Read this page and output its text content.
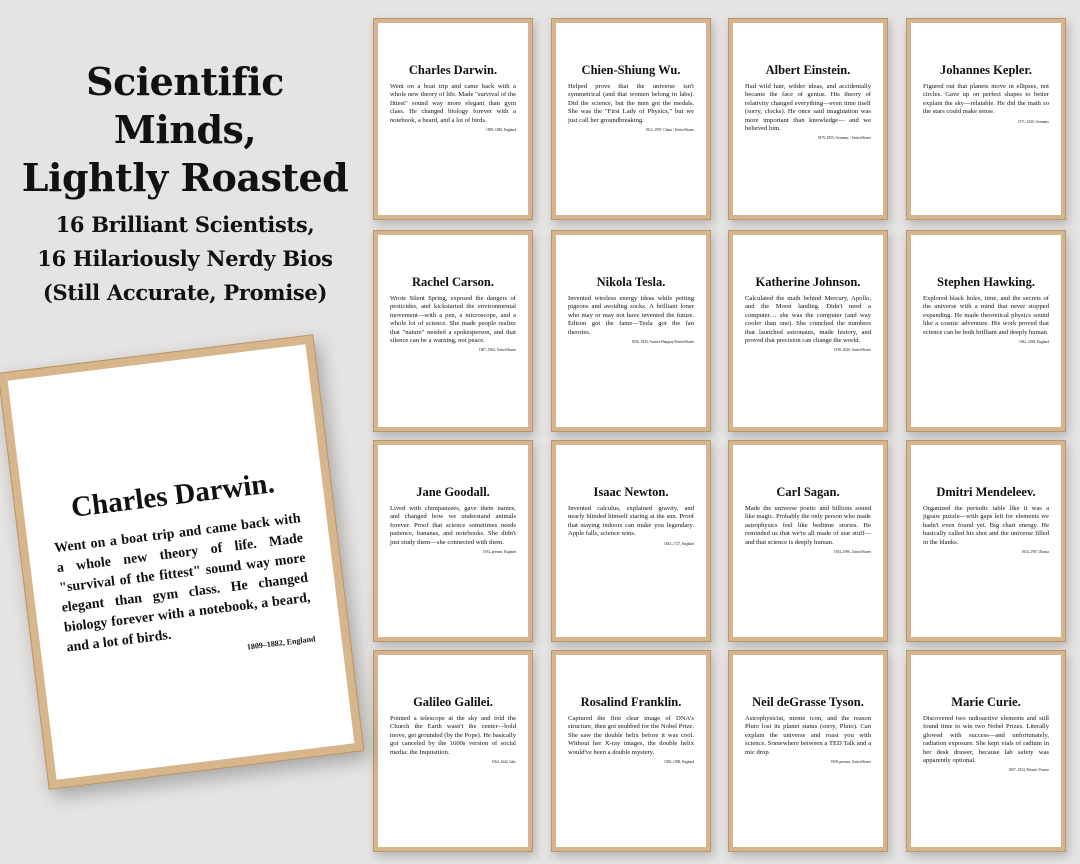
Scientific Minds,
Lightly Roasted
16 Brilliant Scientists,
16 Hilariously Nerdy Bios
(Still Accurate, Promise)
Charles Darwin.
Went on a boat trip and came back with a whole new theory of life. Made "survival of the fittest" sound way more elegant than gym class. He changed biology forever with a notebook, a beard, and a lot of birds.
1809–1882, England
Chien-Shiung Wu.
Helped prove that the universe isn't symmetrical (and that women belong in labs). Did the science, but the men got the medals. She was the "First Lady of Physics," but we just call her groundbreaking.
1912–1997, China / United States
Albert Einstein.
Had wild hair, wilder ideas, and accidentally became the face of genius. His theory of relativity changed everything—even time itself (sorry, clocks). He once said imagination was more important than knowledge— and we believed him.
1879–1955, Germany / United States
Johannes Kepler.
Figured out that planets move in ellipses, not circles. Gave up on perfect shapes to better explain the sky—relatable. He did the math so the stars could make sense.
1571–1630, Germany
Rachel Carson.
Wrote Silent Spring, exposed the dangers of pesticides, and kickstarted the environmental movement—with a pen, a microscope, and a whole lot of science. She made people realize that "nature" needed a spokesperson, and that silence can be a warning, not peace.
1907–1964, United States
Nikola Tesla.
Invented wireless energy ideas while petting pigeons and avoiding socks. A brilliant loner who may or may not have invented the future. Edison got the fame—Tesla got the fan theories.
1856–1943, Austria-Hungary/United States
Katherine Johnson.
Calculated the math behind Mercury, Apollo, and the Moon landing. Didn't need a computer… she was the computer (and way cooler than one). She crunched the numbers that launched astronauts, made history, and proved that precision can change the world.
1918–2020, United States
Stephen Hawking.
Explored black holes, time, and the secrets of the universe with a mind that never stopped expanding. He made theoretical physics sound like a cosmic adventure. His work proved that science can be both brilliant and deeply human.
1942–2018, England
Jane Goodall.
Lived with chimpanzees, gave them names, and changed how we understand animals forever. Proof that science sometimes needs patience, bananas, and notebooks. She didn't just study them—she connected with them.
1934–present, England
Isaac Newton.
Invented calculus, explained gravity, and nearly blinded himself staring at the sun. Proof that staying indoors can make you legendary. Apple falls, science wins.
1643–1727, England
Carl Sagan.
Made the universe poetic and billions sound like magic. Probably the only person who made astrophysics feel like bedtime stories. He reminded us that we're all made of star stuff—and that science is deeply human.
1934–1996, United States
Dmitri Mendeleev.
Organized the periodic table like it was a jigsaw puzzle—with gaps left for elements we hadn't even found yet. Big chart energy. He basically called his shot and the universe filled in the blanks.
1834–1907, Russia
Galileo Galilei.
Pointed a telescope at the sky and told the Church the Earth wasn't the center—bold move, get grounded (by the Pope). He basically got canceled by the 1600s version of social media: the Inquisition.
1564–1642, Italy
Rosalind Franklin.
Captured the first clear image of DNA's structure, then got snubbed for the Nobel Prize. She saw the double helix before it was cool. Without her X-ray images, the double helix would've been a double mystery.
1920–1958, England
Neil deGrasse Tyson.
Astrophysicist, meme icon, and the reason Pluto lost its planet status (sorry, Pluto). Can explain the universe and roast you with science. Somewhere between a TED Talk and a mic drop.
1958–present, United States
Marie Curie.
Discovered two radioactive elements and still found time to win two Nobel Prizes. Literally glowed with success—and unfortunately, radiation exposure. She kept vials of radium in her desk drawer, because lab safety was apparently optional.
1867–1934, Poland / France
Charles Darwin.
Went on a boat trip and came back with a whole new theory of life. Made "survival of the fittest" sound way more elegant than gym class. He changed biology forever with a notebook, a beard, and a lot of birds.	1809–1882, England
